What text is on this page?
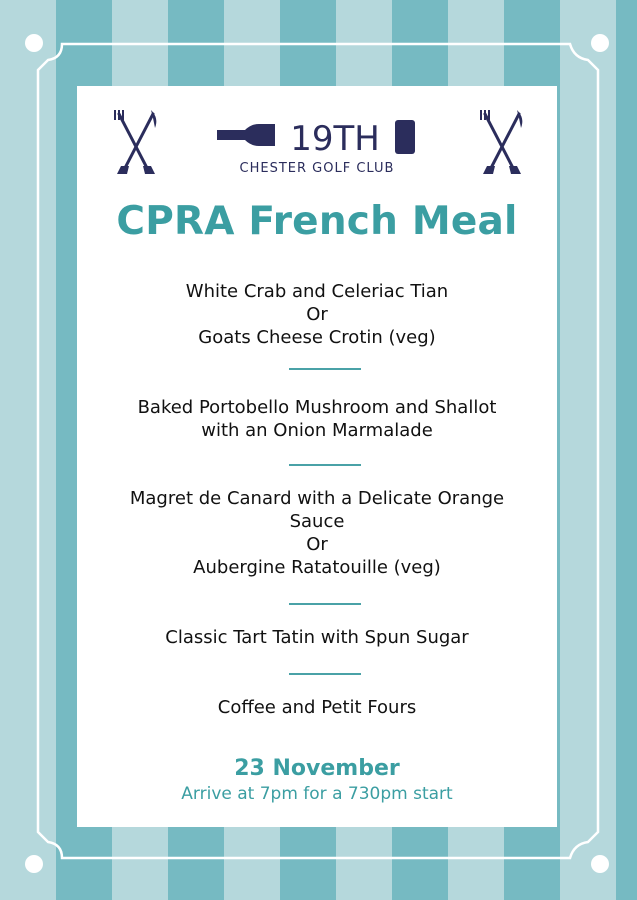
19TH
CHESTER GOLF CLUB
CPRA French Meal
White Crab and Celeriac Tian
Or
Goats Cheese Crotin (veg)
Baked Portobello Mushroom and Shallot
with an Onion Marmalade
Magret de Canard with a Delicate Orange
Sauce
Or
Aubergine Ratatouille (veg)
Classic Tart Tatin with Spun Sugar
Coffee and Petit Fours
23 November
Arrive at 7pm for a 730pm start
